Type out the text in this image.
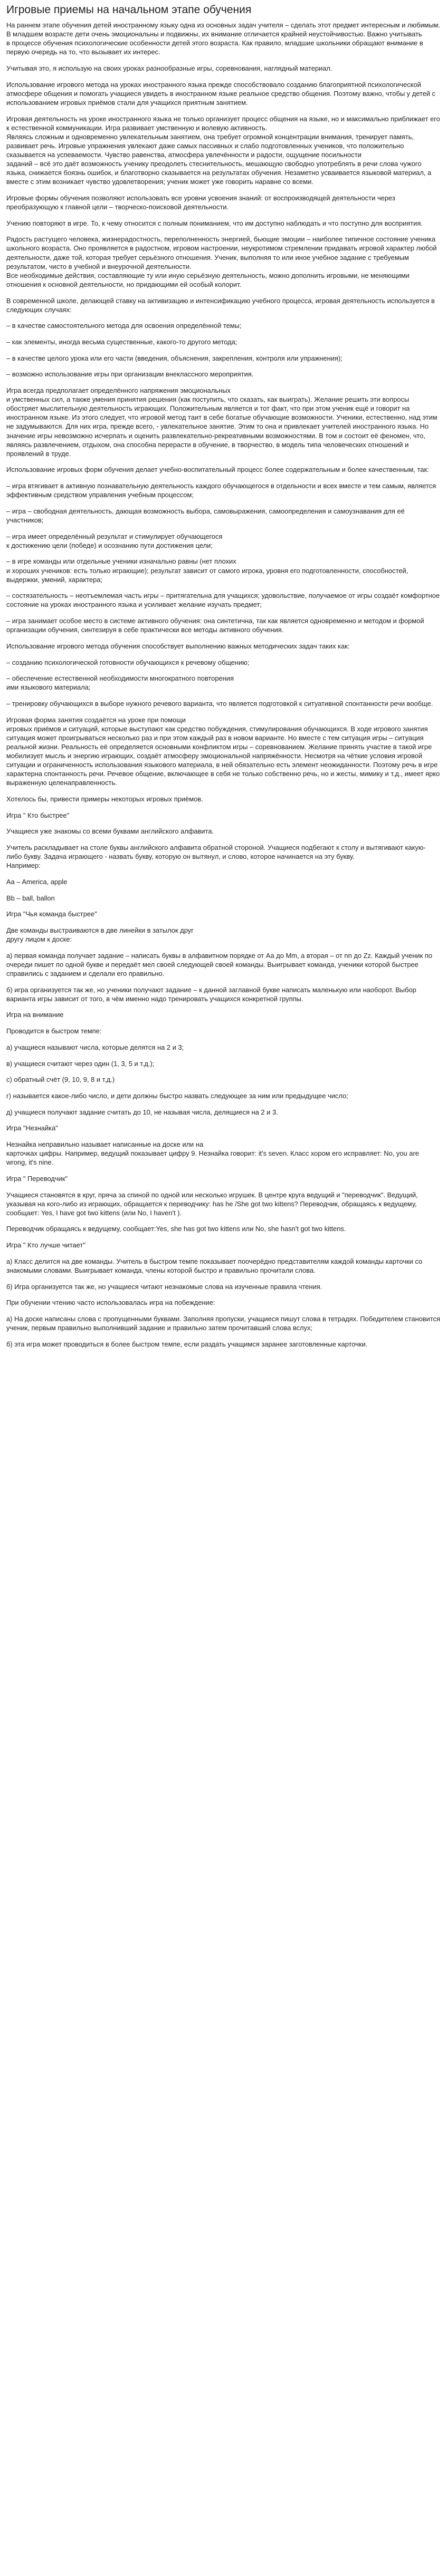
Игровые приемы на начальном этапе обучения

На раннем этапе обучения детей иностранному языку одна из основных задач учителя – сделать этот предмет интересным и любимым.
В младшем возрасте дети очень эмоциональны и подвижны, их внимание отличается крайней неустойчивостью. Важно учитывать
в процессе обучения психологические особенности детей этого возраста. Как правило, младшие школьники обращают внимание в первую очередь на то, что вызывает их интерес.

Учитывая это, я использую на своих уроках разнообразные игры, соревнования, наглядный материал.

Использование игрового метода на уроках иностранного языка прежде способствовало созданию благоприятной психологической атмосфере общения и помогать учащиеся увидеть в иностранном языке реальное средство общения. Поэтому важно, чтобы у детей с использованием игровых приёмов стали для учащихся приятным занятием.

Игровая деятельность на уроке иностранного языка не только организует процесс общения на языке, но и максимально приближает его к естественной коммуникации. Игра развивает умственную и волевую активность.
Являясь сложным и одновременно увлекательным занятием, она требует огромной концентрации внимания, тренирует память, развивает речь. Игровые упражнения увлекают даже самых пассивных и слабо подготовленных учеников, что положительно сказывается на успеваемости. Чувство равенства, атмосфера увлечённости и радости, ощущение посильности
заданий – всё это даёт возможность ученику преодолеть стеснительность, мешающую свободно употреблять в речи слова чужого языка, снижается боязнь ошибок, и благотворно сказывается на результатах обучения. Незаметно усваивается языковой материал, а вместе с этим возникает чувство удовлетворения; ученик может уже говорить наравне со всеми.

Игровые формы обучения позволяют использовать все уровни усвоения знаний: от воспроизводящей деятельности через преобразующую к главной цели – творческо-поисковой деятельности.

Учению повторяют в игре. То, к чему относится с полным пониманием, что им доступно наблюдать и что поступно для восприятия.

Радость растущего человека, жизнерадостность, переполненность энергией, бьющие эмоции – наиболее типичное состояние ученика школьного возраста. Оно проявляется в радостном, игровом настроении, неукротимом стремлении придавать игровой характер любой деятельности, даже той, которая требует серьёзного отношения. Ученик, выполняя то или иное учебное задание с требуемым результатом, чисто в учебной и внеурочной деятельности.
Все необходимые действия, составляющие ту или иную серьёзную деятельность, можно дополнить игровыми, не меняющими отношения к основной деятельности, но придающими ей особый колорит.

В современной школе, делающей ставку на активизацию и интенсификацию учебного процесса, игровая деятельность используется в следующих случаях:

– в качестве самостоятельного метода для освоения определённой темы;

– как элементы, иногда весьма существенные, какого-то другого метода;

– в качестве целого урока или его части (введения, объяснения, закрепления, контроля или упражнения);

– возможно использование игры при организации внеклассного мероприятия.

Игра всегда предполагает определённого напряжения эмоциональных
и умственных сил, а также умения принятия решения (как поступить, что сказать, как выиграть). Желание решить эти вопросы обостряет мыслительную деятельность играющих. Положительным является и тот факт, что при этом ученик ещё и говорит на иностранном языке. Из этого следует, что игровой метод таит в себе богатые обучающие возможности. Ученики, естественно, над этим не задумываются. Для них игра, прежде всего, - увлекательное занятие. Этим то она и привлекает учителей иностранного языка. Но значение игры невозможно исчерпать и оценить развлекательно-рекреативными возможностями. В том и состоит её феномен, что, являясь развлечением, отдыхом, она способна перерасти в обучение, в творчество, в модель типа человеческих отношений и проявлений в труде.

Использование игровых форм обучения делает учебно-воспитательный процесс более содержательным и более качественным, так:

– игра втягивает в активную познавательную деятельность каждого обучающегося в отдельности и всех вместе и тем самым, является эффективным средством управления учебным процессом;

– игра – свободная деятельность, дающая возможность выбора, самовыражения, самоопределения и самоузнавания для её участников;

– игра имеет определённый результат и стимулирует обучающегося
к достижению цели (победе) и осознанию пути достижения цели;

– в игре команды или отдельные ученики изначально равны (нет плохих
и хороших учеников: есть только играющие); результат зависит от самого игрока, уровня его подготовленности, способностей, выдержки, умений, характера;

– состязательность – неотъемлемая часть игры – притягательна для учащихся; удовольствие, получаемое от игры создаёт комфортное состояние на уроках иностранного языка и усиливает желание изучать предмет;

– игра занимает особое место в системе активного обучения: она синтетична, так как является одновременно и методом и формой организации обучения, синтезируя в себе практически все методы активного обучения.

Использование игрового метода обучения способствует выполнению важных методических задач таких как:

– созданию психологической готовности обучающихся к речевому общению;

– обеспечение естественной необходимости многократного повторения
ими языкового материала;

– тренировку обучающихся в выборе нужного речевого варианта, что является подготовкой к ситуативной спонтанности речи вообще.

Игровая форма занятия создаётся на уроке при помощи
игровых приёмов и ситуаций, которые выступают как средство побуждения, стимулирования обучающихся. В ходе игрового занятия ситуация может проигрываться несколько раз и при этом каждый раз в новом варианте. Но вместе с тем ситуация игры – ситуация реальной жизни. Реальность её определяется основными конфликтом игры – соревнованием. Желание принять участие в такой игре мобилизует мысль и энергию играющих, создаёт атмосферу эмоциональной напряжённости. Несмотря на чёткие условия игровой ситуации и ограниченность использования языкового материала, в ней обязательно есть элемент неожиданности. Поэтому речь в игре характерна спонтанность речи. Речевое общение, включающее в себя не только собственно речь, но и жесты, мимику и т.д., имеет ярко выраженную целенаправленность.

Хотелось бы, привести примеры некоторых игровых приёмов.

Игра " Кто быстрее"

Учащиеся уже знакомы со всеми буквами английского алфавита.

Учитель раскладывает на столе буквы английского алфавита обратной стороной. Учащиеся подбегают к столу и вытягивают какую-либо букву. Задача играющего - назвать букву, которую он вытянул, и слово, которое начинается на эту букву.
Например:

Aa – America, apple

Bb – ball, ballon

Игра "Чья команда быстрее"

Две команды выстраиваются в две линейки в затылок друг
другу лицом к доске:

а) первая команда получает задание – написать буквы в алфавитном порядке от Аа до Mm, а вторая – от nn до Zz. Каждый ученик по очереди пишет по одной букве и передаёт мел своей следующей своей команды. Выигрывает команда, ученики которой быстрее справились с заданием и сделали его правильно.

б) игра организуется так же, но ученики получают задание – к данной заглавной букве написать маленькую или наоборот. Выбор варианта игры зависит от того, в чём именно надо тренировать учащихся конкретной группы.

Игра на внимание

Проводится в быстром темпе:

а) учащиеся называют числа, которые делятся на 2 и 3;

в) учащиеся считают через один (1, 3, 5 и т.д.);

с) обратный счёт (9, 10, 9, 8 и т.д.)

г) называется какое-либо число, и дети должны быстро назвать следующее за ним или предыдущее число;

д) учащиеся получают задание считать до 10, не называя числа, делящиеся на 2 и 3.

Игра "Незнайка"

Незнайка неправильно называет написанные на доске или на
карточках цифры. Например, ведущий показывает цифру 9. Незнайка говорит: it's seven. Класс хором его исправляет: No, you are wrong, it's nine.

Игра " Переводчик"

Учащиеся становятся в круг, пряча за спиной по одной или несколько игрушек. В центре круга ведущий и "переводчик". Ведущий, указывая на кого-либо из играющих, обращается к переводчику: has he /She got two kittens? Переводчик, обращаясь к ведущему, сообщает: Yes, I have got two kittens (или No, I haven't ).

Переводчик обращаясь к ведущему, сообщает:Yes, she has got two kittens или No, she hasn't got two kittens.

Игра " Кто лучше читает"

а) Класс делится на две команды. Учитель в быстром темпе показывает поочерёдно представителям каждой команды карточки со знакомыми словами. Выигрывает команда, члены которой быстро и правильно прочитали слова.

б) Игра организуется так же, но учащиеся читают незнакомые слова на изученные правила чтения.

При обучении чтению часто использовалась игра на побеждение:

а) На доске написаны слова с пропущенными буквами. Заполняя пропуски, учащиеся пишут слова в тетрадях. Победителем становится ученик, первым правильно выполнивший задание и правильно затем прочитавший слова вслух;

б) эта игра может проводиться в более быстром темпе, если раздать учащимся заранее заготовленные карточки.
